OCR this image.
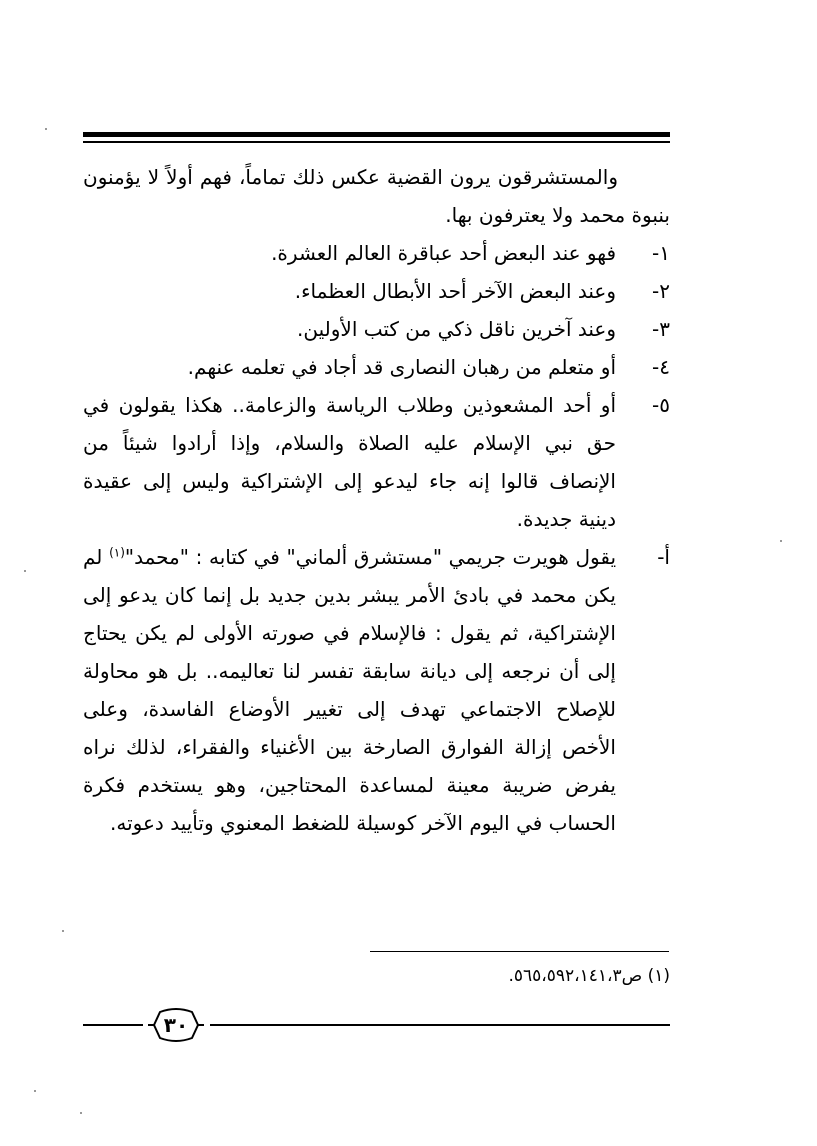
والمستشرقون يرون القضية عكس ذلك تماماً، فهم أولاً لا يؤمنون بنبوة محمد ولا يعترفون بها.

١-
فهو عند البعض أحد عباقرة العالم العشرة.
٢-
وعند البعض الآخر أحد الأبطال العظماء.
٣-
وعند آخرين ناقل ذكي من كتب الأولين.
٤-
أو متعلم من رهبان النصارى قد أجاد في تعلمه عنهم.
٥-
أو أحد المشعوذين وطلاب الرياسة والزعامة.. هكذا يقولون في حق نبي الإسلام عليه الصلاة والسلام، وإذا أرادوا شيئاً من الإنصاف قالوا إنه جاء ليدعو إلى الإشتراكية وليس إلى عقيدة دينية جديدة.
أ-
يقول هويرت جريمي "مستشرق ألماني" في كتابه : "محمد"$^{(١)}$ لم يكن محمد في بادئ الأمر يبشر بدين جديد بل إنما كان يدعو إلى الإشتراكية، ثم يقول : فالإسلام في صورته الأولى لم يكن يحتاج إلى أن نرجعه إلى ديانة سابقة تفسر لنا تعاليمه.. بل هو محاولة للإصلاح الاجتماعي تهدف إلى تغيير الأوضاع الفاسدة، وعلى الأخص إزالة الفوارق الصارخة بين الأغنياء والفقراء، لذلك نراه يفرض ضريبة معينة لمساعدة المحتاجين، وهو يستخدم فكرة الحساب في اليوم الآخر كوسيلة للضغط المعنوي وتأييد دعوته.
(١) ص٥٦٥،٥٩٢،١٤١،٣.
٣٠
